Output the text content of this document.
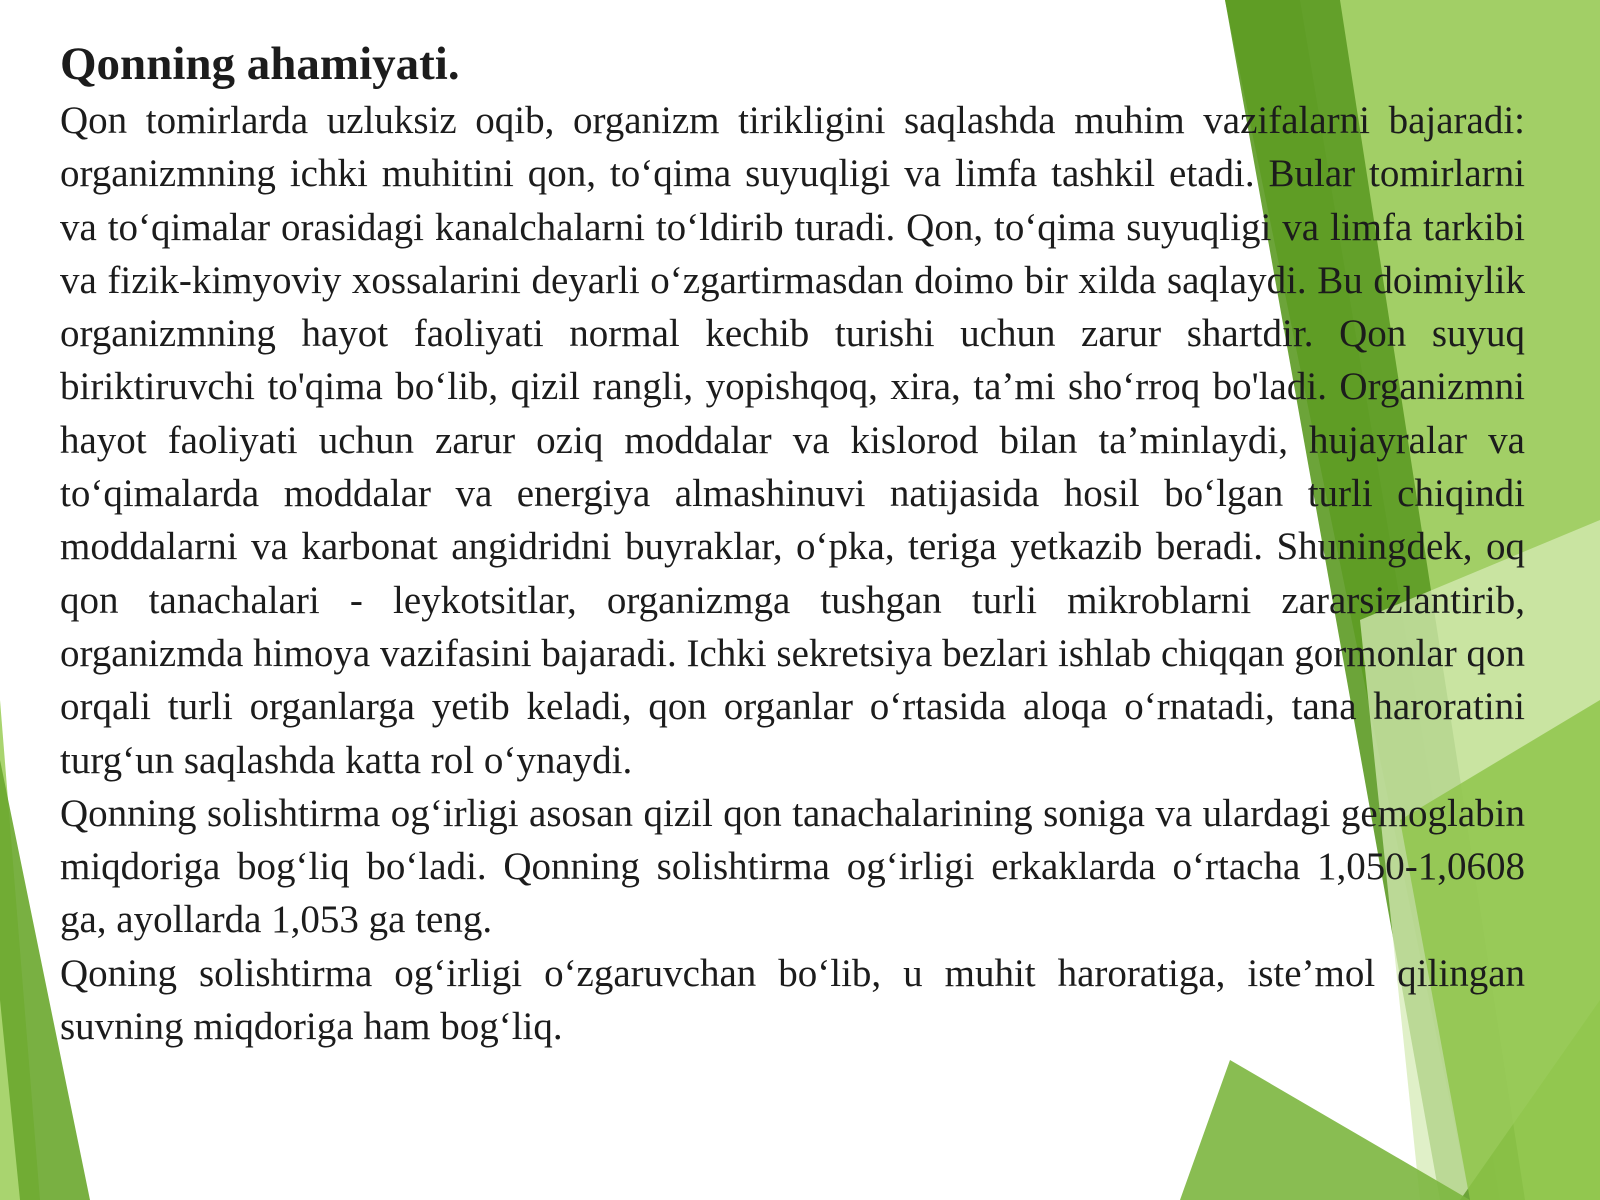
Qonning ahamiyati.

Qon tomirlarda uzluksiz oqib, organizm tirikligini saqlashda muhim vazifalarni bajaradi: organizmning ichki muhitini qon, to‘qima suyuqligi va limfa tashkil etadi. Bular tomirlarni va to‘qimalar orasidagi kanalchalarni to‘ldirib turadi. Qon, to‘qima suyuqligi va limfa tarkibi va fizik-kimyoviy xossalarini deyarli o‘zgartirmasdan doimo bir xilda saqlaydi. Bu doimiylik organizmning hayot faoliyati normal kechib turishi uchun zarur shartdir. Qon suyuq biriktiruvchi to'qima bo‘lib, qizil rangli, yopishqoq, xira, ta’mi sho‘rroq bo'ladi. Organizmni hayot faoliyati uchun zarur oziq moddalar va kislorod bilan ta’minlaydi, hujayralar va to‘qimalarda moddalar va energiya almashinuvi natijasida hosil bo‘lgan turli chiqindi moddalarni va karbonat angidridni buyraklar, o‘pka, teriga yetkazib beradi. Shuningdek, oq qon tanachalari - leykotsitlar, organizmga tushgan turli mikroblarni zararsizlantirib, organizmda himoya vazifasini bajaradi. Ichki sekretsiya bezlari ishlab chiqqan gormonlar qon orqali turli organlarga yetib keladi, qon organlar o‘rtasida aloqa o‘rnatadi, tana haroratini turg‘un saqlashda katta rol o‘ynaydi.

Qonning solishtirma og‘irligi asosan qizil qon tanachalarining soniga va ulardagi gemoglabin miqdoriga bog‘liq bo‘ladi. Qonning solishtirma og‘irligi erkaklarda o‘rtacha 1,050-1,0608 ga, ayollarda 1,053 ga teng.

Qoning solishtirma og‘irligi o‘zgaruvchan bo‘lib, u muhit haroratiga, iste’mol qilingan suvning miqdoriga ham bog‘liq.
